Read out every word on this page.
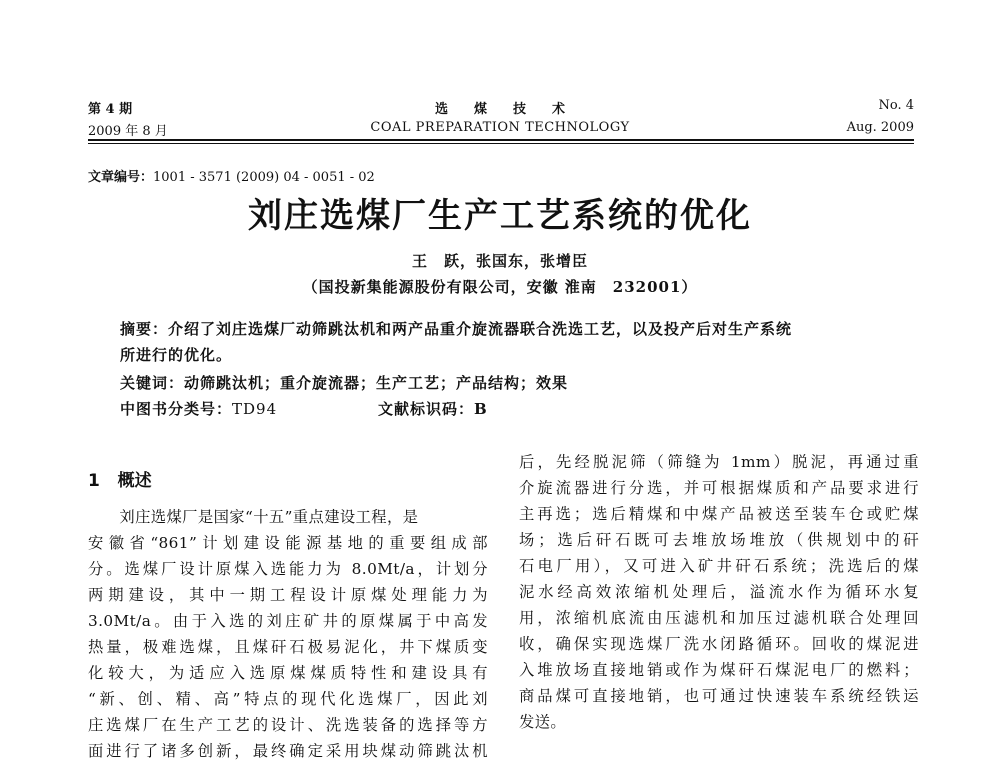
第 4 期
2009 年 8 月
选　　煤　　技　　术
COAL PREPARATION TECHNOLOGY
No. 4
Aug. 2009
文章编号：1001 - 3571 (2009) 04 - 0051 - 02
刘庄选煤厂生产工艺系统的优化
王　跃，张国东，张增臣
（国投新集能源股份有限公司，安徽 淮南　232001）
摘要：介绍了刘庄选煤厂动筛跳汰机和两产品重介旋流器联合洗选工艺，以及投产后对生产系统
所进行的优化。
关键词：动筛跳汰机；重介旋流器；生产工艺；产品结构；效果
中图书分类号：TD94	文献标识码：B
1 概述
　　刘庄选煤厂是国家“十五”重点建设工程，是
安徽省“861”计划建设能源基地的重要组成部
分。选煤厂设计原煤入选能力为 8.0Mt/a，计划分
两期建设，其中一期工程设计原煤处理能力为
3.0Mt/a。由于入选的刘庄矿井的原煤属于中高发
热量，极难选煤，且煤矸石极易泥化，井下煤质变
化较大，为适应入选原煤煤质特性和建设具有
“新、创、精、高”特点的现代化选煤厂，因此刘
庄选煤厂在生产工艺的设计、洗选装备的选择等方
面进行了诸多创新，最终确定采用块煤动筛跳汰机
后，先经脱泥筛（筛缝为 1mm）脱泥，再通过重
介旋流器进行分选，并可根据煤质和产品要求进行
主再选；选后精煤和中煤产品被送至装车仓或贮煤
场；选后矸石既可去堆放场堆放（供规划中的矸
石电厂用），又可进入矿井矸石系统；洗选后的煤
泥水经高效浓缩机处理后，溢流水作为循环水复
用，浓缩机底流由压滤机和加压过滤机联合处理回
收，确保实现选煤厂洗水闭路循环。回收的煤泥进
入堆放场直接地销或作为煤矸石煤泥电厂的燃料；
商品煤可直接地销，也可通过快速装车系统经铁运
发送。
